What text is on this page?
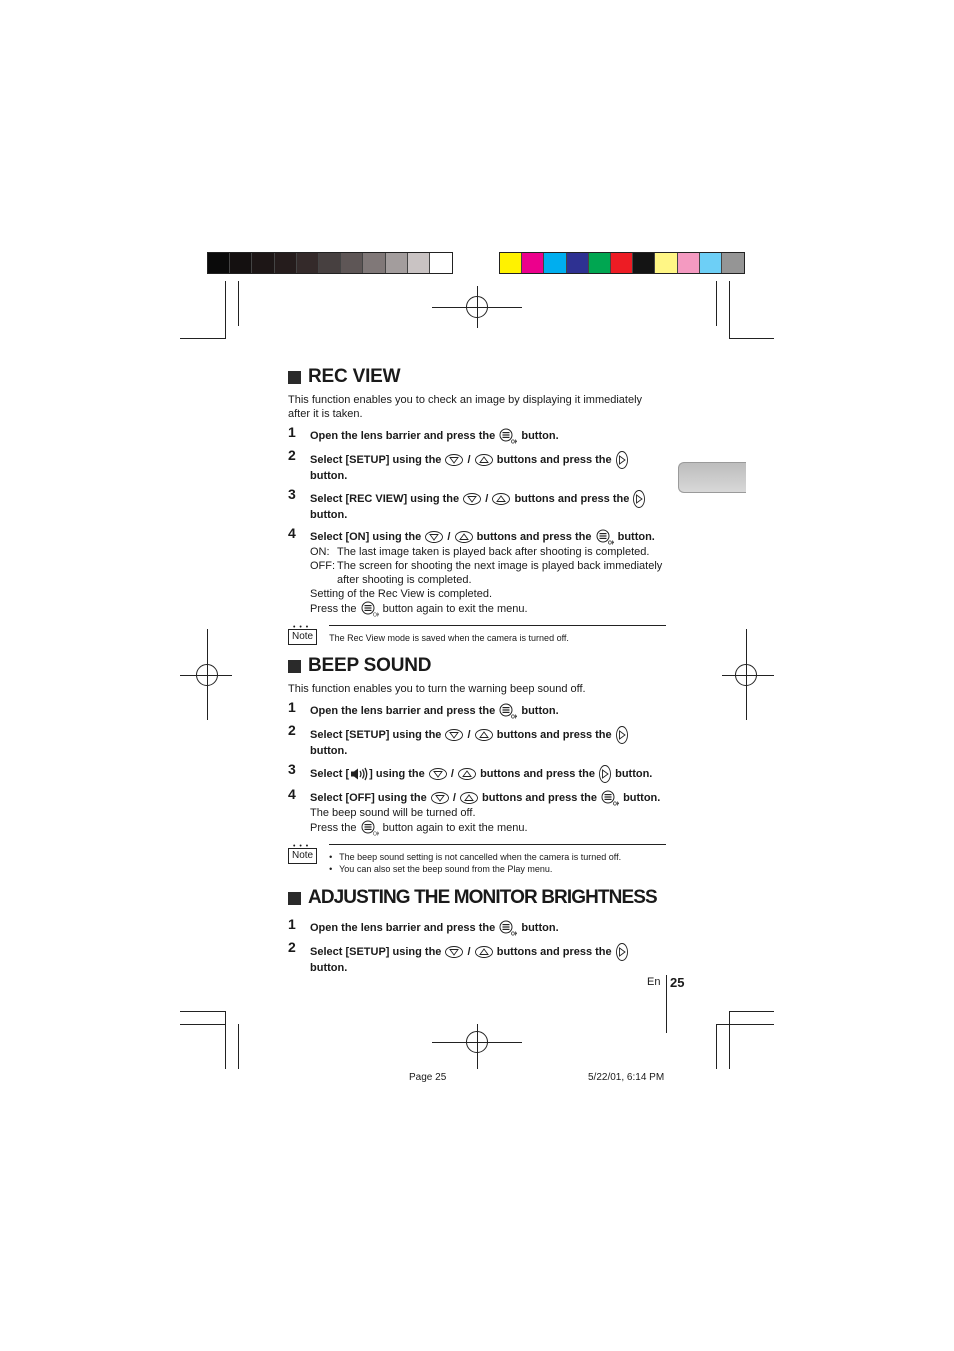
REC VIEW

This function enables you to check an image by displaying it immediately after it is taken.

1	Open the lens barrier and press the button.
2	Select [SETUP] using the / buttons and press the  button.
3	Select [REC VIEW] using the / buttons and press the  button.
4	Select [ON] using the / buttons and press the button.
ON: The last image taken is played back after shooting is completed.
OFF: The screen for shooting the next image is played back immediately
after shooting is completed.
Setting of the Rec View is completed.
Press the button again to exit the menu.
• • •
Note	The Rec View mode is saved when the camera is turned off.

BEEP SOUND

This function enables you to turn the warning beep sound off.

1	Open the lens barrier and press the button.
2	Select [SETUP] using the / buttons and press the  button.
3	Select [ ] using the / buttons and press the button.
4	Select [OFF] using the / buttons and press the button.
The beep sound will be turned off.
Press the button again to exit the menu.
• • •
Note
•	The beep sound setting is not cancelled when the camera is turned off.
• You can also set the beep sound from the Play menu.
ADJUSTING THE MONITOR BRIGHTNESS
1	Open the lens barrier and press the button.
2	Select [SETUP] using the / buttons and press the  button.
En 25
Page 25	5/22/01, 6:14 PM
